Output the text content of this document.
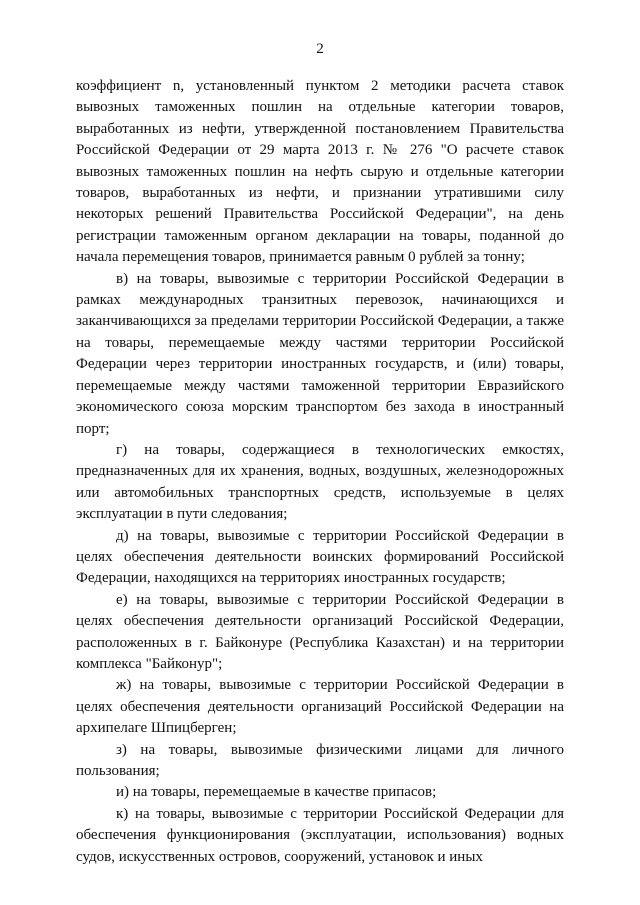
2

коэффициент n, установленный пунктом 2 методики расчета ставок вывозных таможенных пошлин на отдельные категории товаров, выработанных из нефти, утвержденной постановлением Правительства Российской Федерации от 29 марта 2013 г. № 276 "О расчете ставок вывозных таможенных пошлин на нефть сырую и отдельные категории товаров, выработанных из нефти, и признании утратившими силу некоторых решений Правительства Российской Федерации", на день регистрации таможенным органом декларации на товары, поданной до начала перемещения товаров, принимается равным 0 рублей за тонну;

в) на товары, вывозимые с территории Российской Федерации в рамках международных транзитных перевозок, начинающихся и заканчивающихся за пределами территории Российской Федерации, а также на товары, перемещаемые между частями территории Российской Федерации через территории иностранных государств, и (или) товары, перемещаемые между частями таможенной территории Евразийского экономического союза морским транспортом без захода в иностранный порт;

г) на товары, содержащиеся в технологических емкостях, предназначенных для их хранения, водных, воздушных, железнодорожных или автомобильных транспортных средств, используемые в целях эксплуатации в пути следования;

д) на товары, вывозимые с территории Российской Федерации в целях обеспечения деятельности воинских формирований Российской Федерации, находящихся на территориях иностранных государств;

е) на товары, вывозимые с территории Российской Федерации в целях обеспечения деятельности организаций Российской Федерации, расположенных в г. Байконуре (Республика Казахстан) и на территории комплекса "Байконур";

ж) на товары, вывозимые с территории Российской Федерации в целях обеспечения деятельности организаций Российской Федерации на архипелаге Шпицберген;

з) на товары, вывозимые физическими лицами для личного пользования;

и) на товары, перемещаемые в качестве припасов;

к) на товары, вывозимые с территории Российской Федерации для обеспечения функционирования (эксплуатации, использования) водных судов, искусственных островов, сооружений, установок и иных
